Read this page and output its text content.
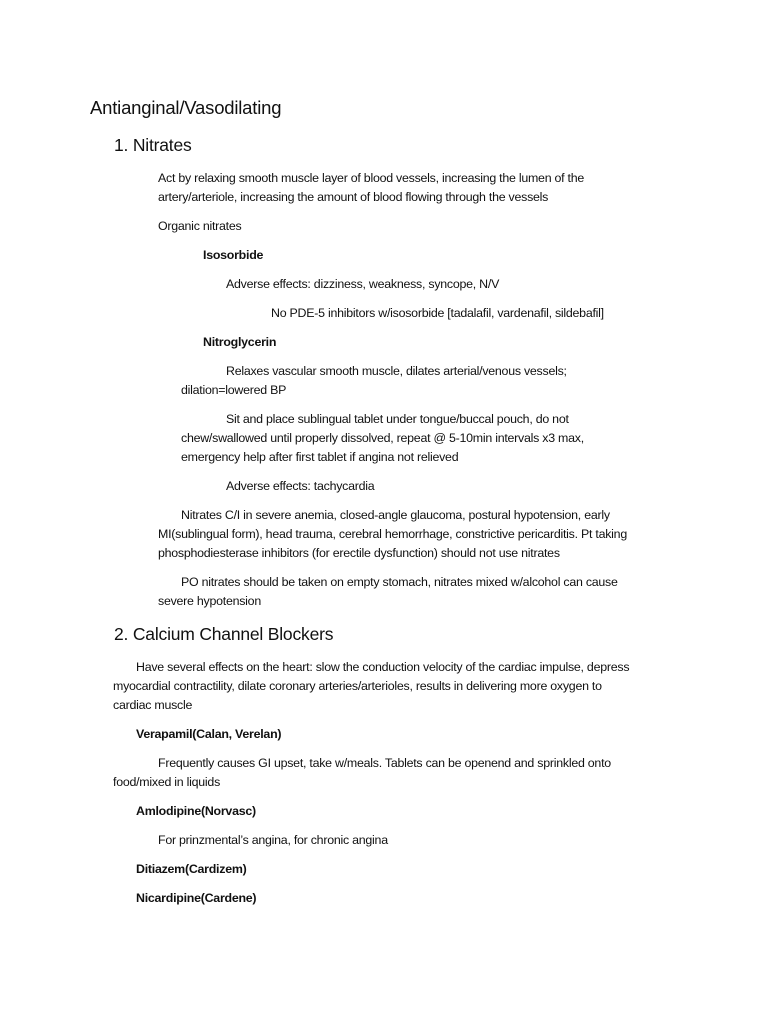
Antianginal/Vasodilating
1. Nitrates
Act by relaxing smooth muscle layer of blood vessels, increasing the lumen of the
artery/arteriole, increasing the amount of blood flowing through the vessels
Organic nitrates
Isosorbide
Adverse effects: dizziness, weakness, syncope, N/V
No PDE-5 inhibitors w/isosorbide [tadalafil, vardenafil, sildebafil]
Nitroglycerin
Relaxes vascular smooth muscle, dilates arterial/venous vessels;
dilation=lowered BP
Sit and place sublingual tablet under tongue/buccal pouch, do not
chew/swallowed until properly dissolved, repeat @ 5-10min intervals x3 max,
emergency help after first tablet if angina not relieved
Adverse effects: tachycardia
Nitrates C/I in severe anemia, closed-angle glaucoma, postural hypotension, early
MI(sublingual form), head trauma, cerebral hemorrhage, constrictive pericarditis. Pt taking
phosphodiesterase inhibitors (for erectile dysfunction) should not use nitrates
PO nitrates should be taken on empty stomach, nitrates mixed w/alcohol can cause
severe hypotension
2. Calcium Channel Blockers
Have several effects on the heart: slow the conduction velocity of the cardiac impulse, depress
myocardial contractility, dilate coronary arteries/arterioles, results in delivering more oxygen to
cardiac muscle
Verapamil(Calan, Verelan)
Frequently causes GI upset, take w/meals. Tablets can be openend and sprinkled onto
food/mixed in liquids
Amlodipine(Norvasc)
For prinzmental’s angina, for chronic angina
Ditiazem(Cardizem)
Nicardipine(Cardene)
